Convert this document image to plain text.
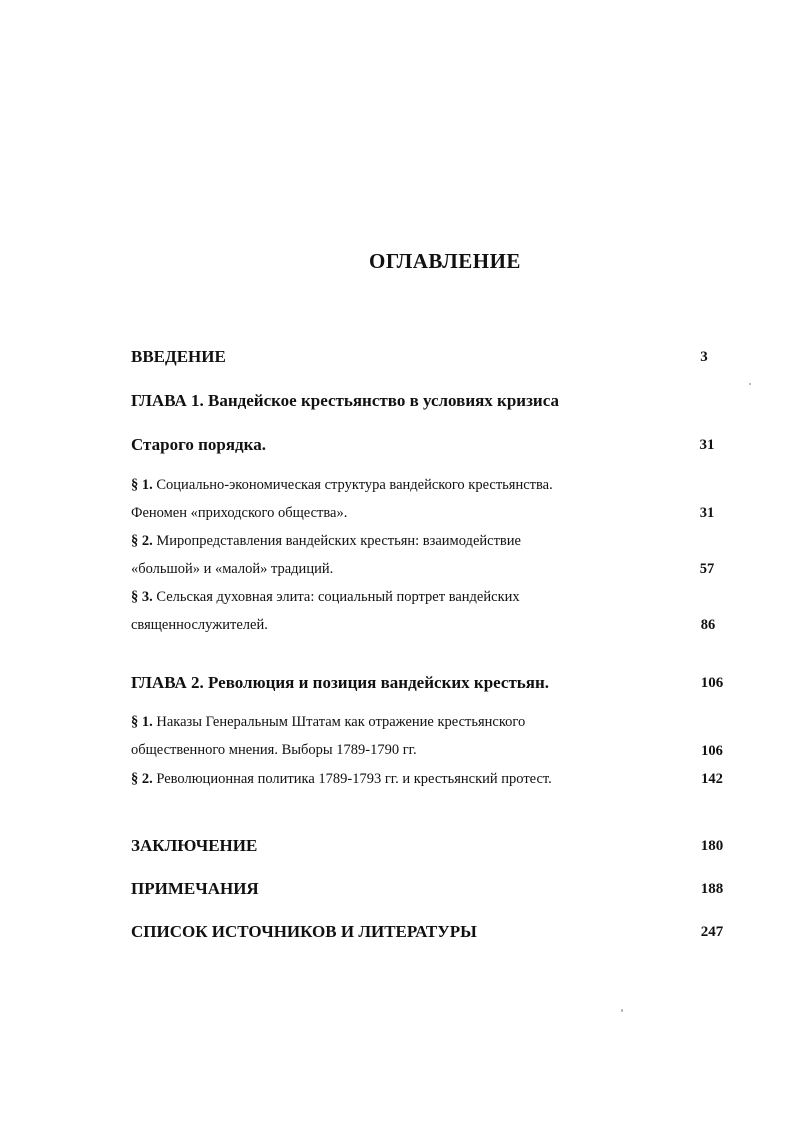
ОГЛАВЛЕНИЕ
ВВЕДЕНИЕ	3
ГЛАВА 1. Вандейское крестьянство в условиях кризиса
Старого порядка.	31
§ 1. Социально-экономическая структура вандейского крестьянства.
Феномен «приходского общества».	31
§ 2. Миропредставления вандейских крестьян: взаимодействие
«большой» и «малой» традиций.	57
§ 3. Сельская духовная элита: социальный портрет вандейских
священнослужителей.	86
ГЛАВА 2. Революция и позиция вандейских крестьян.	106
§ 1. Наказы Генеральным Штатам как отражение крестьянского
общественного мнения. Выборы 1789-1790 гг.	106
§ 2. Революционная политика 1789-1793 гг. и крестьянский протест.	142
ЗАКЛЮЧЕНИЕ	180
ПРИМЕЧАНИЯ	188
СПИСОК ИСТОЧНИКОВ И ЛИТЕРАТУРЫ	247
